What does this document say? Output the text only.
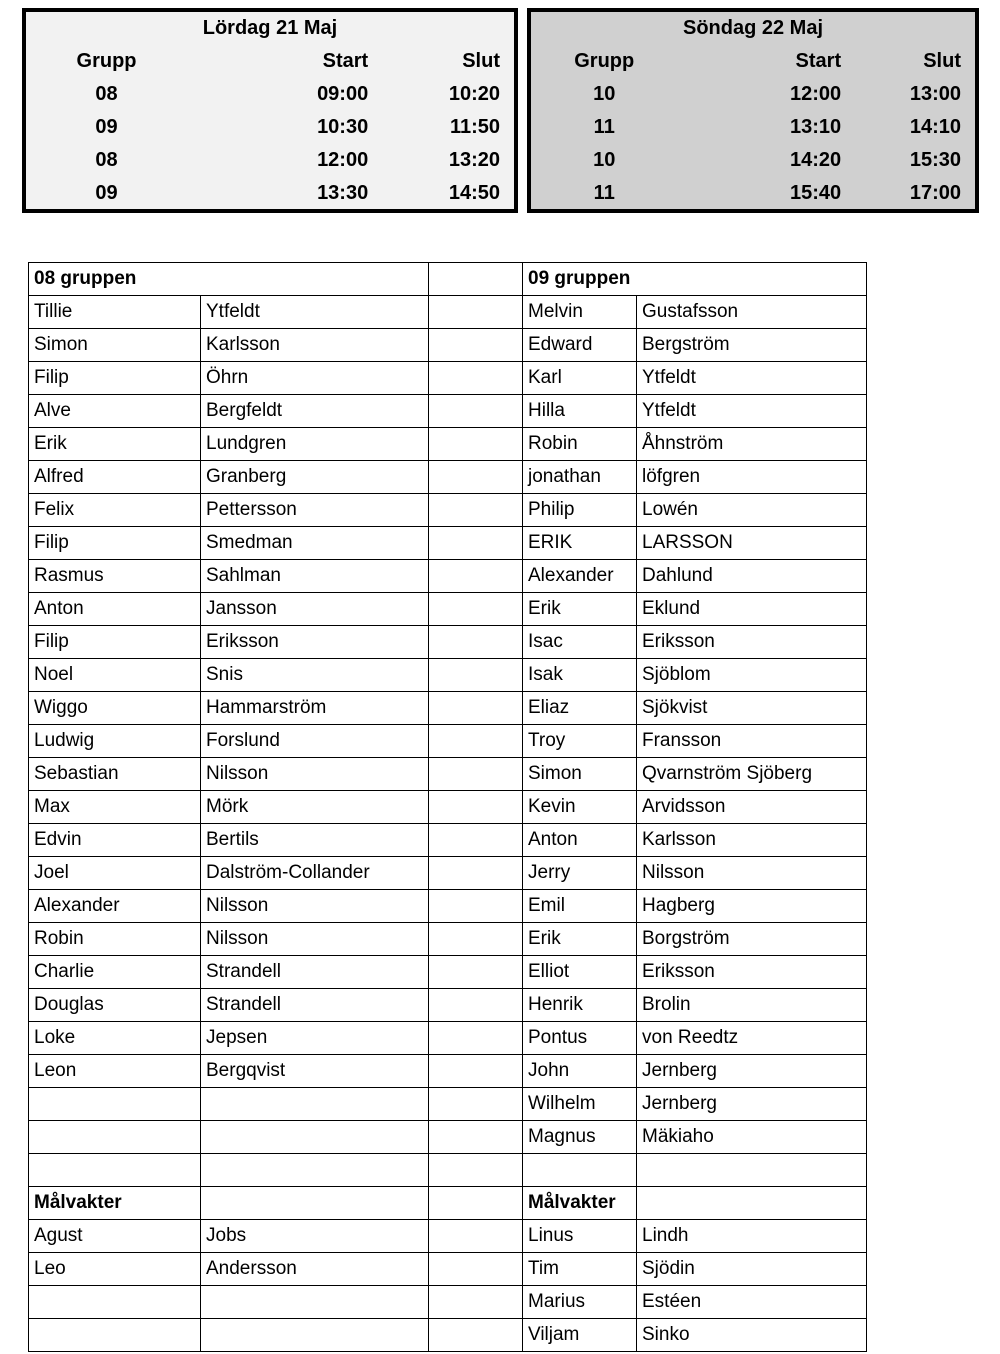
Lördag 21 Maj		
Grupp	Start	Slut
08	09:00	10:20
09	10:30	11:50
08	12:00	13:20
09	13:30	14:50
Söndag 22 Maj		
Grupp	Start	Slut
10	12:00	13:00
11	13:10	14:10
10	14:20	15:30
11	15:40	17:00
08 gruppen			09 gruppen	
Tillie	Ytfeldt		Melvin	Gustafsson
Simon	Karlsson		Edward	Bergström
Filip	Öhrn		Karl	Ytfeldt
Alve	Bergfeldt		Hilla	Ytfeldt
Erik	Lundgren		Robin	Åhnström
Alfred	Granberg		jonathan	löfgren
Felix	Pettersson		Philip	Lowén
Filip	Smedman		ERIK	LARSSON
Rasmus	Sahlman		Alexander	Dahlund
Anton	Jansson		Erik	Eklund
Filip	Eriksson		Isac	Eriksson
Noel	Snis		Isak	Sjöblom
Wiggo	Hammarström		Eliaz	Sjökvist
Ludwig	Forslund		Troy	Fransson
Sebastian	Nilsson		Simon	Qvarnström Sjöberg
Max	Mörk		Kevin	Arvidsson
Edvin	Bertils		Anton	Karlsson
Joel	Dalström-Collander		Jerry	Nilsson
Alexander	Nilsson		Emil	Hagberg
Robin	Nilsson		Erik	Borgström
Charlie	Strandell		Elliot	Eriksson
Douglas	Strandell		Henrik	Brolin
Loke	Jepsen		Pontus	von Reedtz
Leon	Bergqvist		John	Jernberg
			Wilhelm	Jernberg
			Magnus	Mäkiaho

Målvakter			Målvakter	
Agust	Jobs		Linus	Lindh
Leo	Andersson		Tim	Sjödin
			Marius	Estéen
			Viljam	Sinko
